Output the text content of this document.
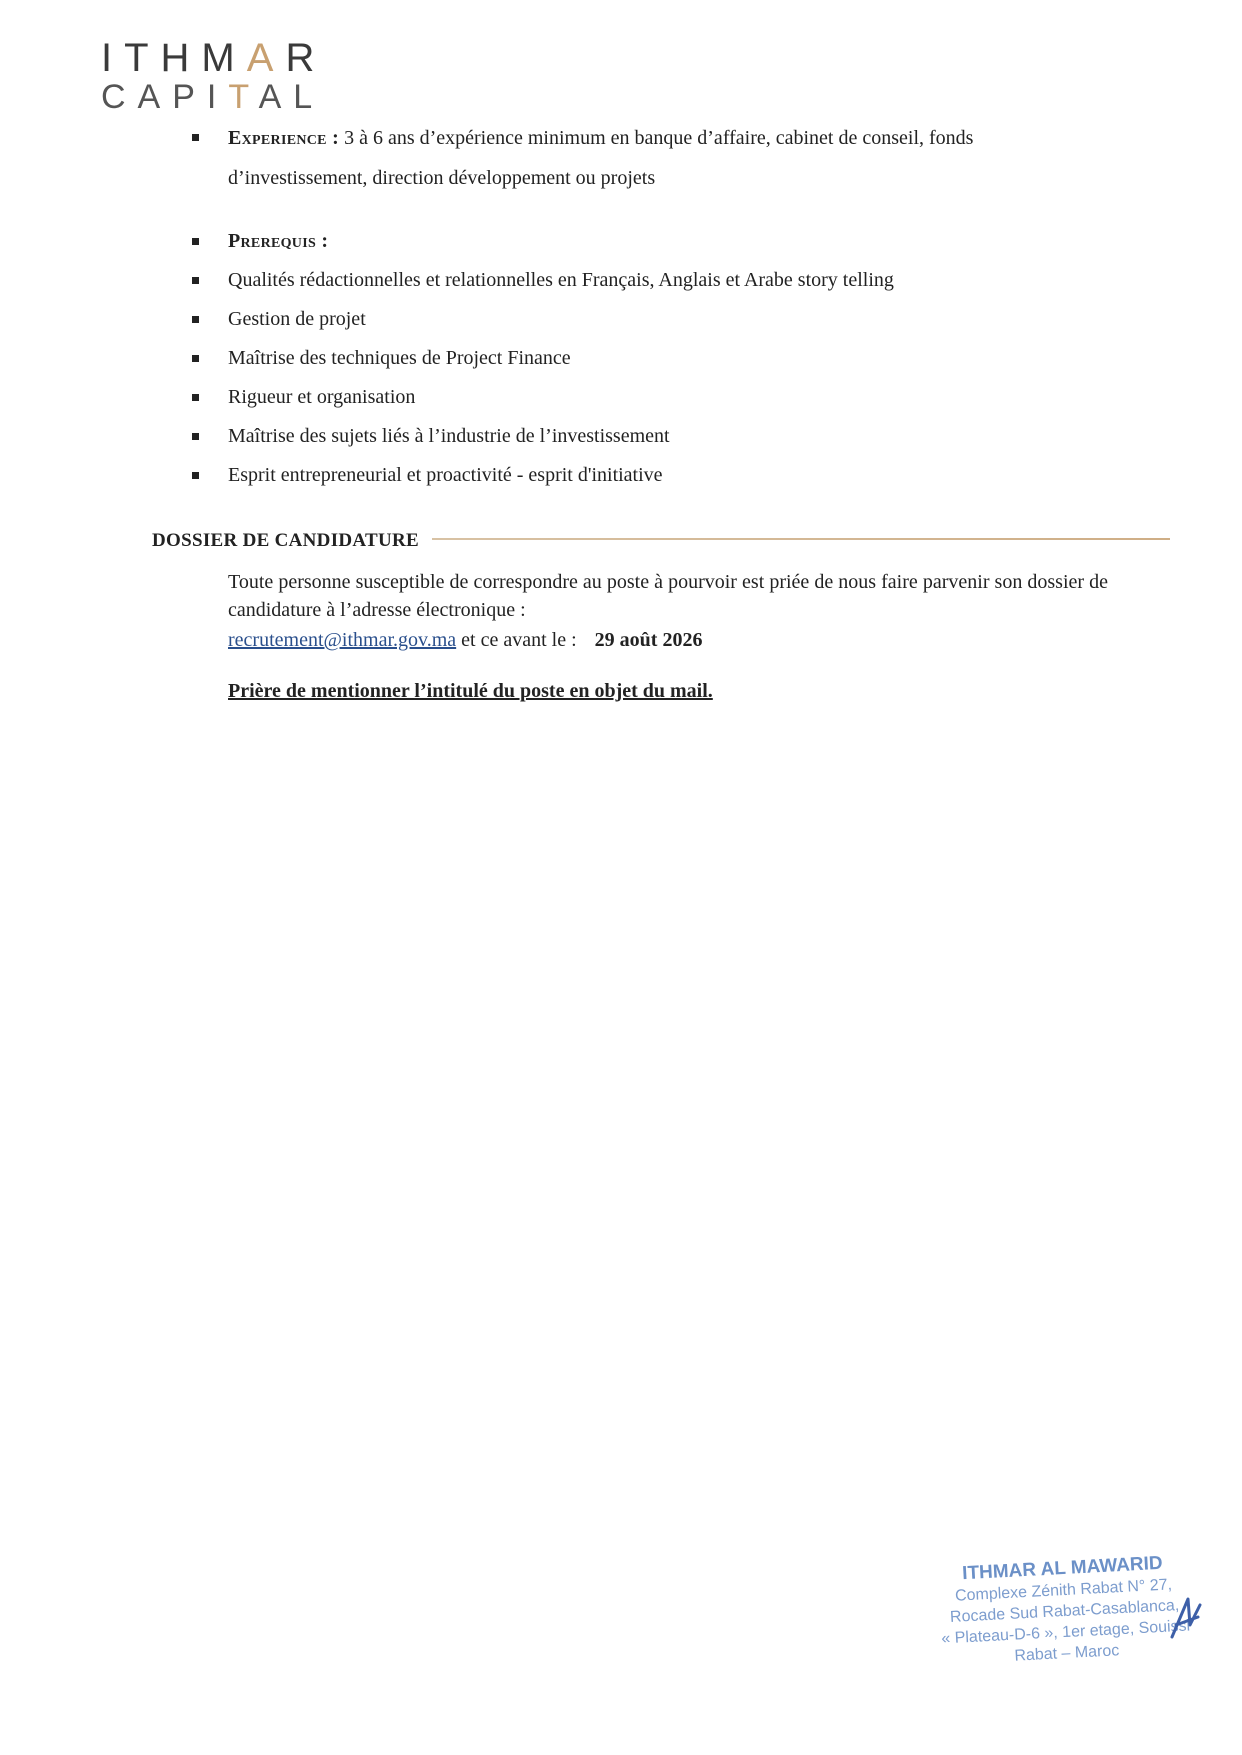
ITHMAR
CAPITAL
Experience : 3 à 6 ans d’expérience minimum en banque d’affaire, cabinet de conseil, fonds d’investissement, direction développement ou projets
Prerequis :
Qualités rédactionnelles et relationnelles en Français, Anglais et Arabe story telling
Gestion de projet
Maîtrise des techniques de Project Finance
Rigueur et organisation
Maîtrise des sujets liés à l’industrie de l’investissement
Esprit entrepreneurial et proactivité - esprit d'initiative
DOSSIER DE CANDIDATURE
Toute personne susceptible de correspondre au poste à pourvoir est priée de nous faire parvenir son dossier de candidature à l’adresse électronique :
recrutement@ithmar.gov.ma et ce avant le : 29 août 2026
Prière de mentionner l’intitulé du poste en objet du mail.
ITHMAR AL MAWARID
Complexe Zénith Rabat N° 27,
Rocade Sud Rabat-Casablanca,
« Plateau-D-6 », 1er etage, Souissi
Rabat – Maroc
